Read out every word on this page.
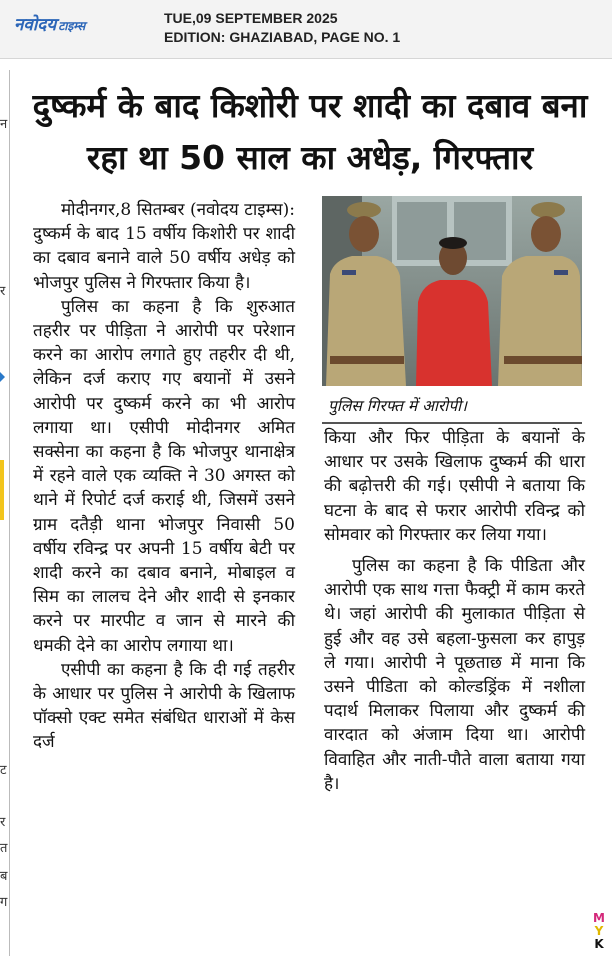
नवोदय टाइम्स	TUE,09 SEPTEMBER 2025
EDITION: GHAZIABAD, PAGE NO. 1
न
र
ट
र
त
ब
ग
दुष्कर्म के बाद किशोरी पर शादी का दबाव बना
रहा था 50 साल का अधेड़, गिरफ्तार

मोदीनगर,8 सितम्बर (नवोदय टाइम्स): दुष्कर्म के बाद 15 वर्षीय किशोरी पर शादी का दबाव बनाने वाले 50 वर्षीय अधेड़ को भोजपुर पुलिस ने गिरफ्तार किया है।

पुलिस का कहना है कि शुरुआत तहरीर पर पीड़िता ने आरोपी पर परेशान करने का आरोप लगाते हुए तहरीर दी थी, लेकिन दर्ज कराए गए बयानों में उसने आरोपी पर दुष्कर्म करने का भी आरोप लगाया था। एसीपी मोदीनगर अमित सक्सेना का कहना है कि भोजपुर थानाक्षेत्र में रहने वाले एक व्यक्ति ने 30 अगस्त को थाने में रिपोर्ट दर्ज कराई थी, जिसमें उसने ग्राम दतैड़ी थाना भोजपुर निवासी 50 वर्षीय रविन्द्र पर अपनी 15 वर्षीय बेटी पर शादी करने का दबाव बनाने, मोबाइल व सिम का लालच देने और शादी से इनकार करने पर मारपीट व जान से मारने की धमकी देने का आरोप लगाया था।

एसीपी का कहना है कि दी गई तहरीर के आधार पर पुलिस ने आरोपी के खिलाफ पॉक्सो एक्ट समेत संबंधित धाराओं में केस दर्ज

पुलिस गिरफ्त में आरोपी।

किया और फिर पीड़िता के बयानों के आधार पर उसके खिलाफ दुष्कर्म की धारा की बढ़ोत्तरी की गई। एसीपी ने बताया कि घटना के बाद से फरार आरोपी रविन्द्र को सोमवार को गिरफ्तार कर लिया गया।

पुलिस का कहना है कि पीडिता और आरोपी एक साथ गत्ता फैक्ट्री में काम करते थे। जहां आरोपी की मुलाकात पीड़िता से हुई और वह उसे बहला-फुसला कर हापुड़ ले गया। आरोपी ने पूछताछ में माना कि उसने पीडिता को कोल्डड्रिंक में नशीला पदार्थ मिलाकर पिलाया और दुष्कर्म की वारदात को अंजाम दिया था। आरोपी विवाहित और नाती-पौते वाला बताया गया है।

M
Y
K
